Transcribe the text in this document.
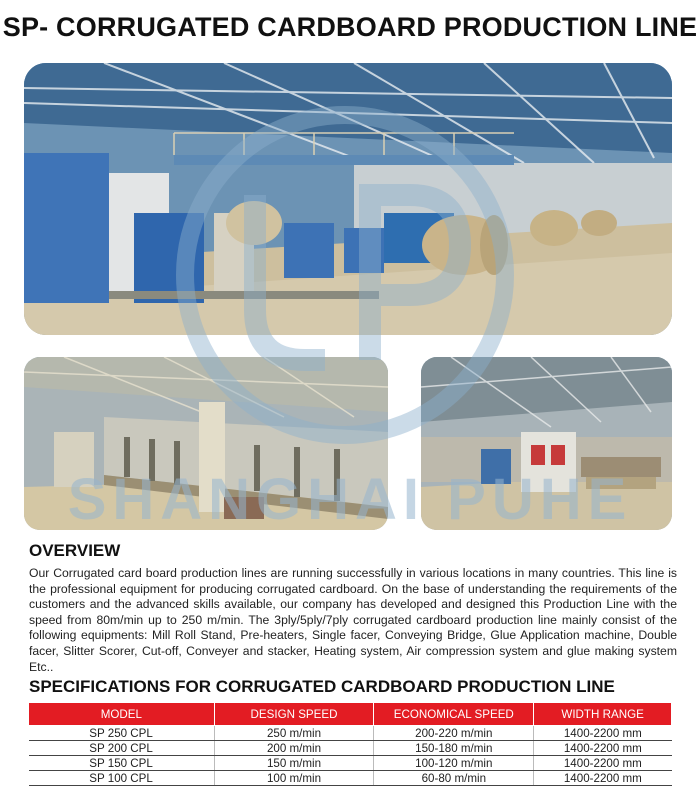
SP- CORRUGATED CARDBOARD PRODUCTION LINE
SHANGHAI PUHE
OVERVIEW
Our Corrugated card board production lines are running successfully in various locations in many countries. This line is the professional equipment for producing corrugated cardboard. On the base of understanding the requirements of the customers and the advanced skills available, our company has developed and designed this Production Line with the speed from 80m/min up to 250 m/min. The 3ply/5ply/7ply corrugated cardboard production line mainly consist of the following equipments: Mill Roll Stand, Pre-heaters, Single facer, Conveying Bridge, Glue Application machine, Double facer, Slitter Scorer, Cut-off, Conveyer and stacker, Heating system, Air compression system and glue making system Etc..
SPECIFICATIONS FOR CORRUGATED CARDBOARD PRODUCTION LINE
MODEL	DESIGN SPEED	ECONOMICAL SPEED	WIDTH RANGE
SP 250 CPL	250 m/min	200-220 m/min	1400-2200 mm
SP 200 CPL	200 m/min	150-180 m/min	1400-2200 mm
SP 150 CPL	150 m/min	100-120 m/min	1400-2200 mm
SP 100 CPL	100 m/min	60-80 m/min	1400-2200 mm
